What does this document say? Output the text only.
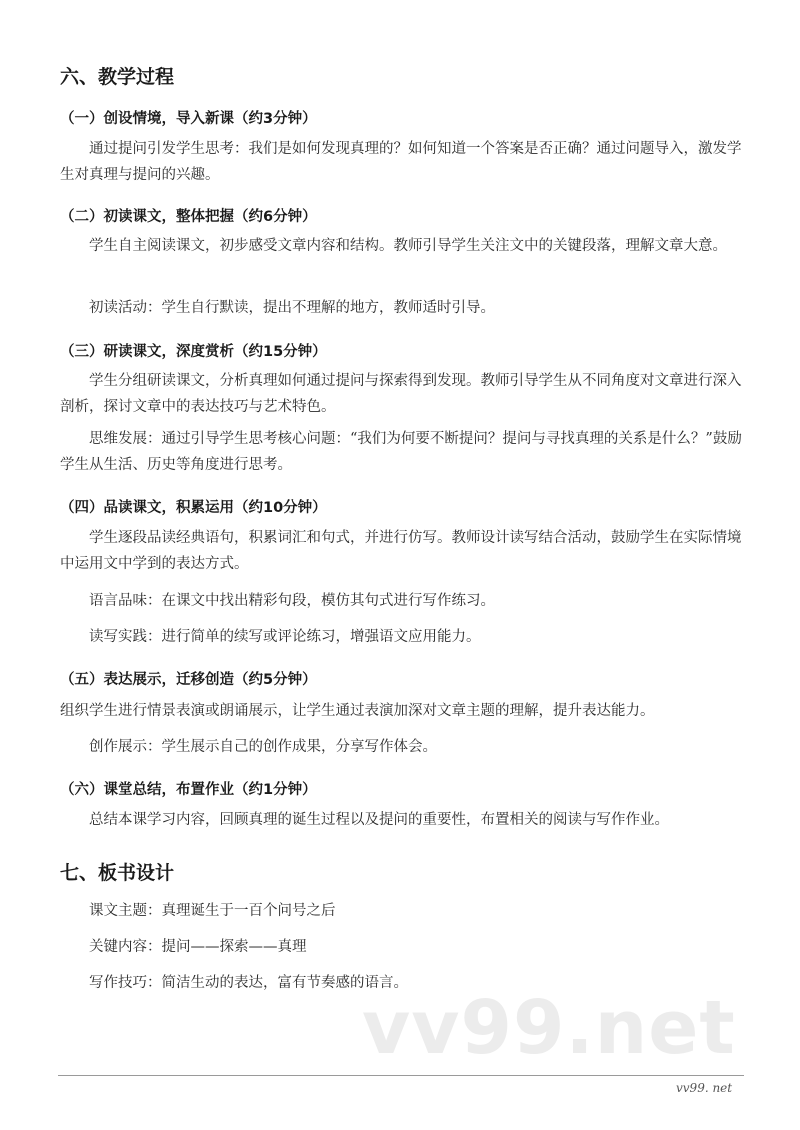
六、教学过程
（一）创设情境，导入新课（约3分钟）

通过提问引发学生思考：我们是如何发现真理的？如何知道一个答案是否正确？通过问题导入，激发学生对真理与提问的兴趣。

（二）初读课文，整体把握（约6分钟）

学生自主阅读课文，初步感受文章内容和结构。教师引导学生关注文中的关键段落，理解文章大意。

初读活动：学生自行默读，提出不理解的地方，教师适时引导。

（三）研读课文，深度赏析（约15分钟）

学生分组研读课文，分析真理如何通过提问与探索得到发现。教师引导学生从不同角度对文章进行深入剖析，探讨文章中的表达技巧与艺术特色。

思维发展：通过引导学生思考核心问题：“我们为何要不断提问？提问与寻找真理的关系是什么？”鼓励学生从生活、历史等角度进行思考。

（四）品读课文，积累运用（约10分钟）

学生逐段品读经典语句，积累词汇和句式，并进行仿写。教师设计读写结合活动，鼓励学生在实际情境中运用文中学到的表达方式。

语言品味：在课文中找出精彩句段，模仿其句式进行写作练习。

读写实践：进行简单的续写或评论练习，增强语文应用能力。

（五）表达展示，迁移创造（约5分钟）

组织学生进行情景表演或朗诵展示，让学生通过表演加深对文章主题的理解，提升表达能力。

创作展示：学生展示自己的创作成果，分享写作体会。

（六）课堂总结，布置作业（约1分钟）

总结本课学习内容，回顾真理的诞生过程以及提问的重要性，布置相关的阅读与写作作业。

七、板书设计

课文主题：真理诞生于一百个问号之后

关键内容：提问——探索——真理

写作技巧：简洁生动的表达，富有节奏感的语言。

vv99.net
vv99. net
